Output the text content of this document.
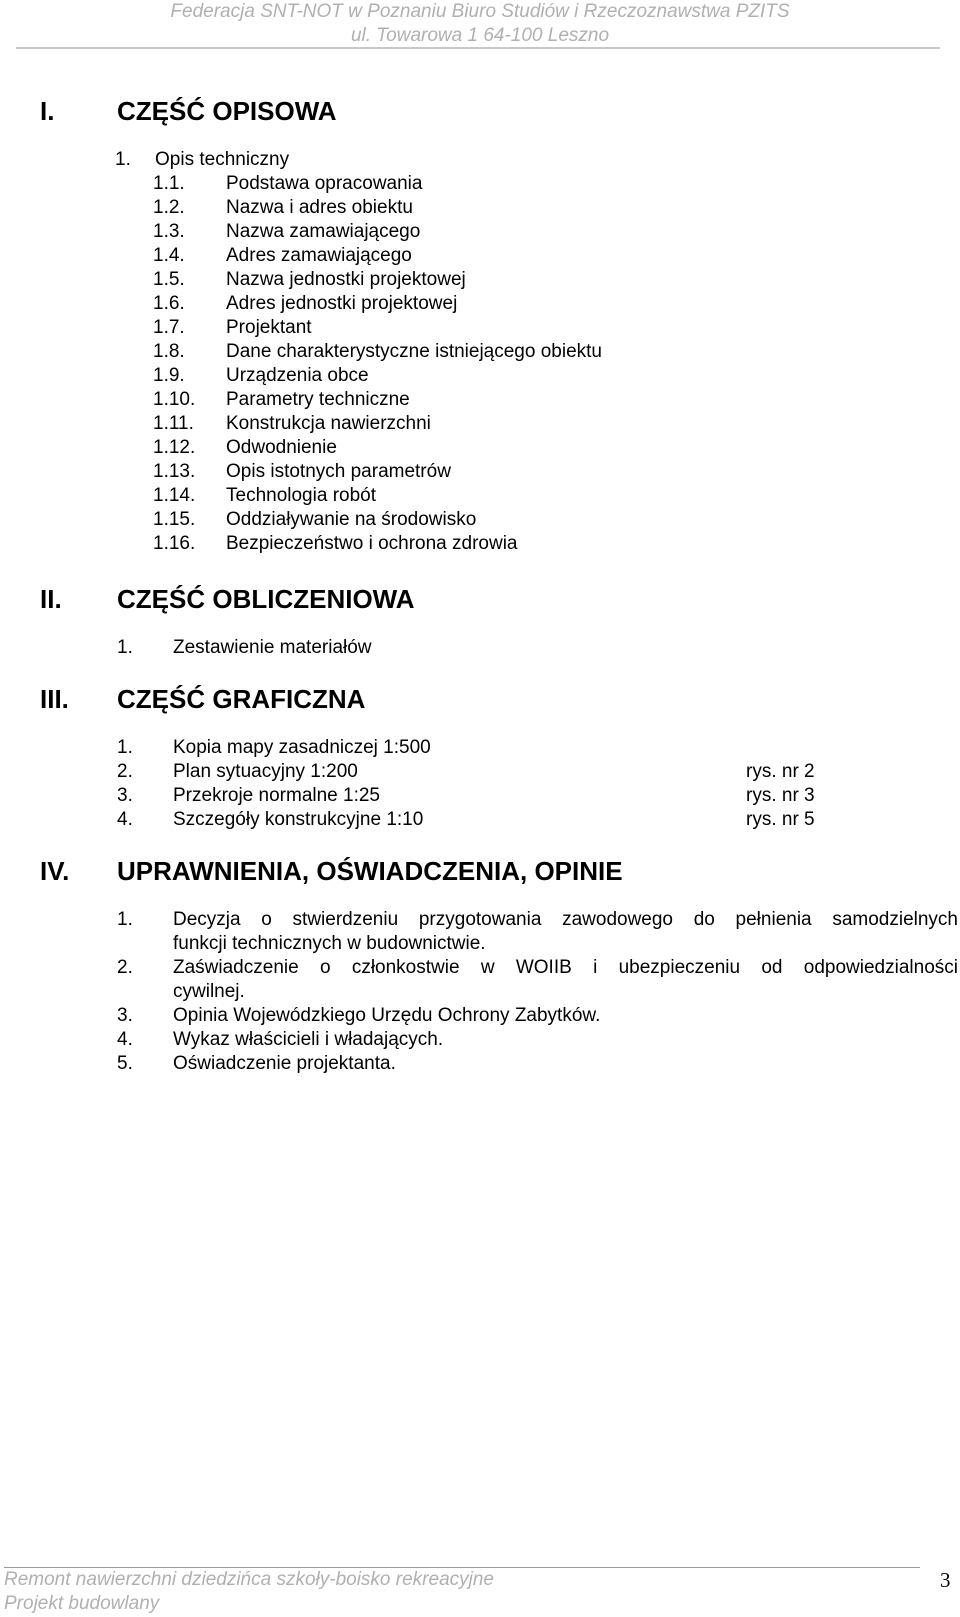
Federacja SNT-NOT w Poznaniu Biuro Studiów i Rzeczoznawstwa PZITS
ul. Towarowa 1 64-100 Leszno
I. CZĘŚĆ OPISOWA
1. Opis techniczny
1.1. Podstawa opracowania
1.2. Nazwa i adres obiektu
1.3. Nazwa zamawiającego
1.4. Adres zamawiającego
1.5. Nazwa jednostki projektowej
1.6. Adres jednostki projektowej
1.7. Projektant
1.8. Dane charakterystyczne istniejącego obiektu
1.9. Urządzenia obce
1.10. Parametry techniczne
1.11. Konstrukcja nawierzchni
1.12. Odwodnienie
1.13. Opis istotnych parametrów
1.14. Technologia robót
1.15. Oddziaływanie na środowisko
1.16. Bezpieczeństwo i ochrona zdrowia
II. CZĘŚĆ OBLICZENIOWA
1. Zestawienie materiałów
III. CZĘŚĆ GRAFICZNA
1. Kopia mapy zasadniczej 1:500
2. Plan sytuacyjny 1:200	rys. nr 2
3. Przekroje normalne 1:25	rys. nr 3
4. Szczegóły konstrukcyjne 1:10	rys. nr 5
IV. UPRAWNIENIA, OŚWIADCZENIA, OPINIE
1. Decyzja o stwierdzeniu przygotowania zawodowego do pełnienia samodzielnych
funkcji technicznych w budownictwie.
2. Zaświadczenie o członkostwie w WOIIB i ubezpieczeniu od odpowiedzialności
cywilnej.
3. Opinia Wojewódzkiego Urzędu Ochrony Zabytków.
4. Wykaz właścicieli i władających.
5. Oświadczenie projektanta.
Remont nawierzchni dziedzińca szkoły-boisko rekreacyjne
Projekt budowlany
3
